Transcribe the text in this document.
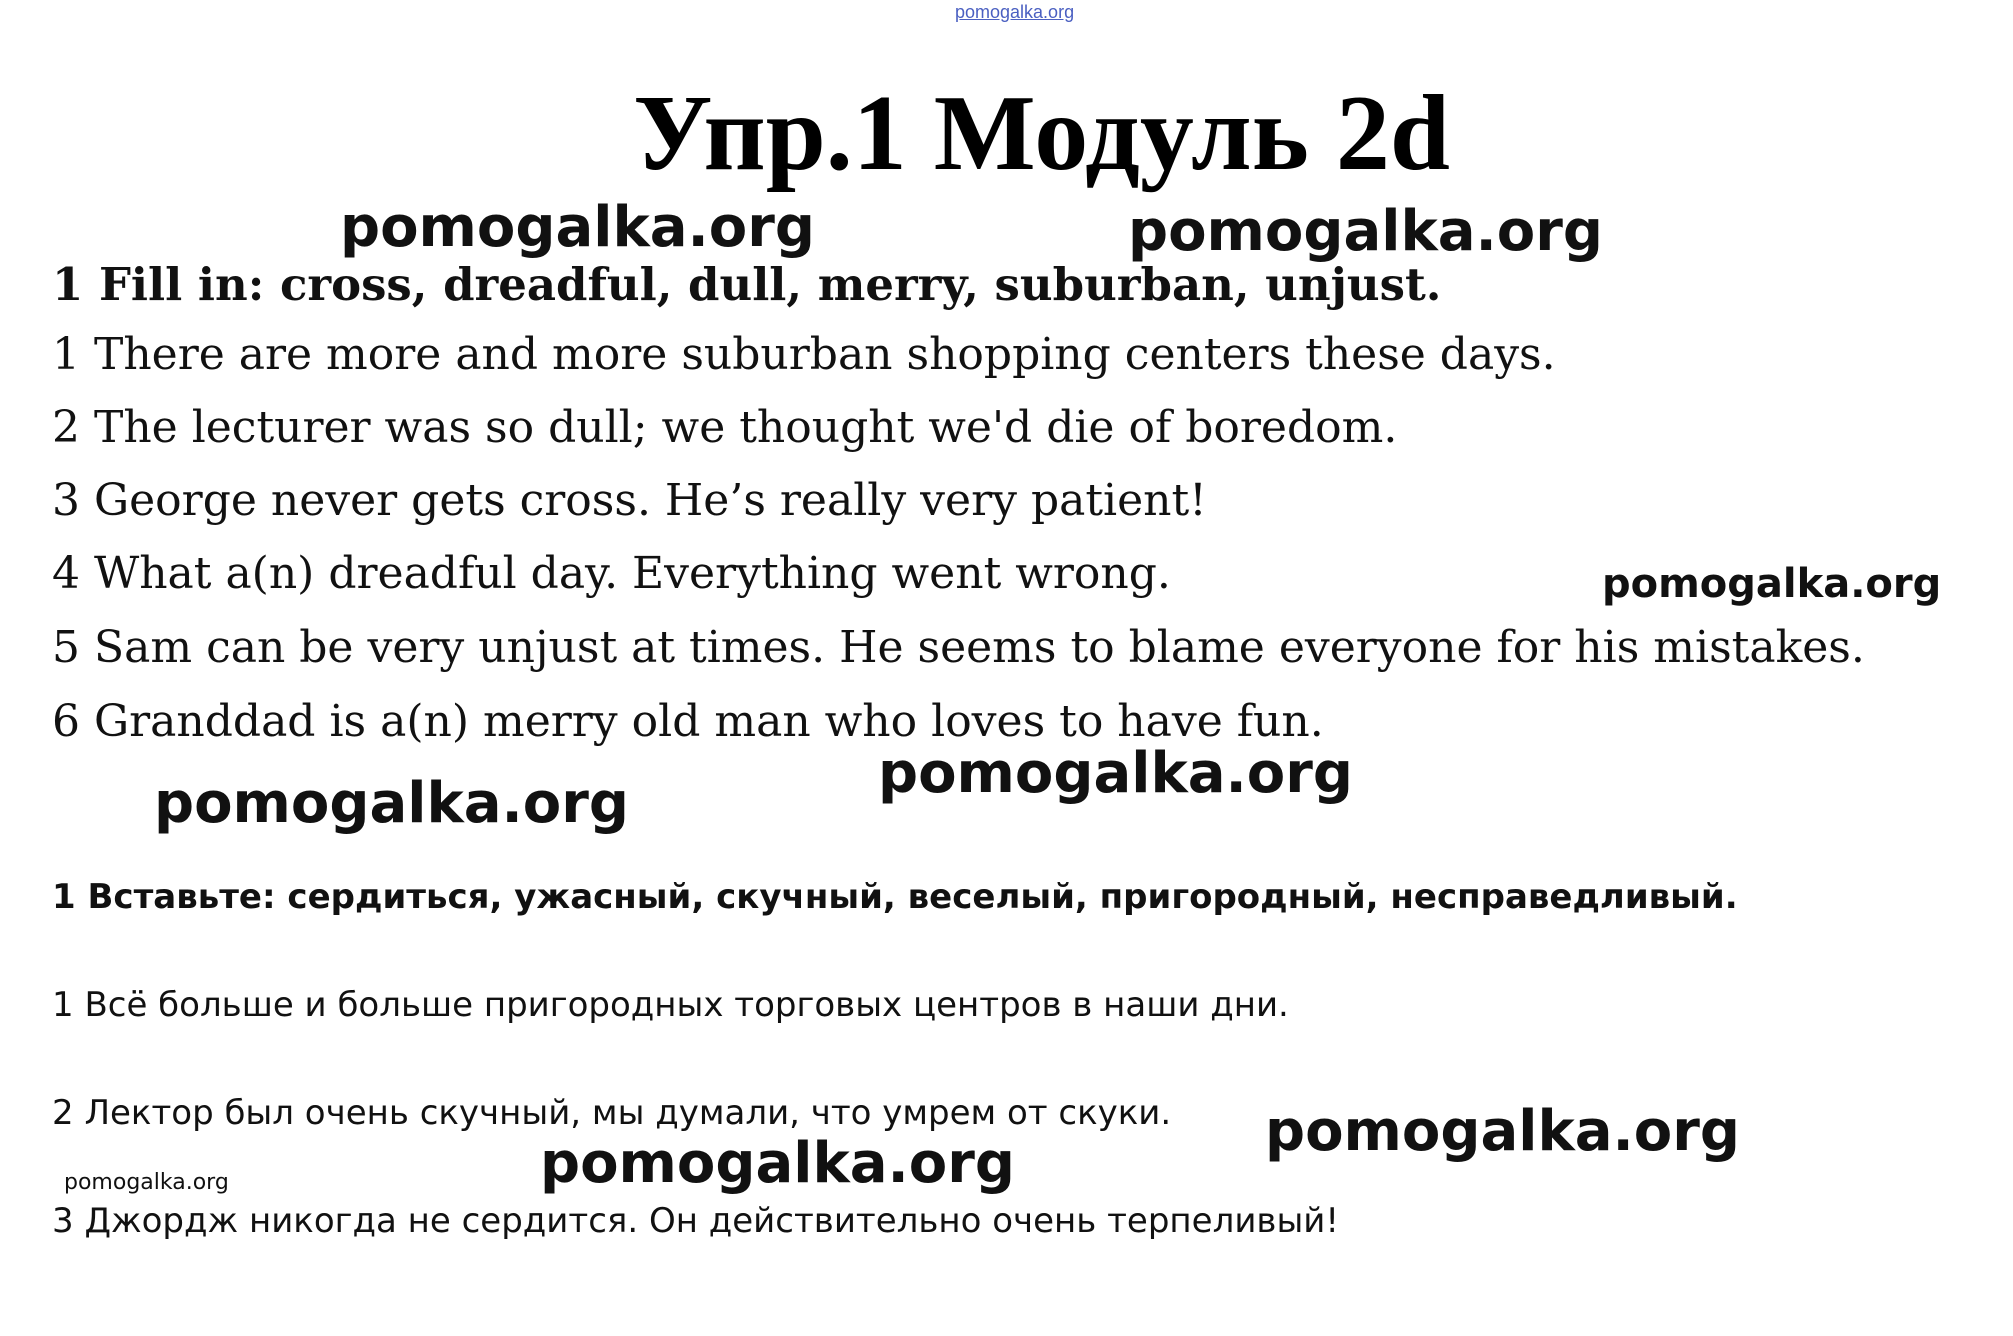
pomogalka.org
Упр.1 Модуль 2d
pomogalka.org	pomogalka.org
pomogalka.org
pomogalka.org
pomogalka.org
pomogalka.org
pomogalka.org
pomogalka.org
1 Fill in: cross, dreadful, dull, merry, suburban, unjust.
1 There are more and more suburban shopping centers these days.
2 The lecturer was so dull; we thought we'd die of boredom.
3 George never gets cross. He’s really very patient!
4 What a(n) dreadful day. Everything went wrong.
5 Sam can be very unjust at times. He seems to blame everyone for his mistakes.
6 Granddad is a(n) merry old man who loves to have fun.
1 Вставьте: сердиться, ужасный, скучный, веселый, пригородный, несправедливый.
1 Всё больше и больше пригородных торговых центров в наши дни.
2 Лектор был очень скучный, мы думали, что умрем от скуки.
3 Джордж никогда не сердится. Он действительно очень терпеливый!
